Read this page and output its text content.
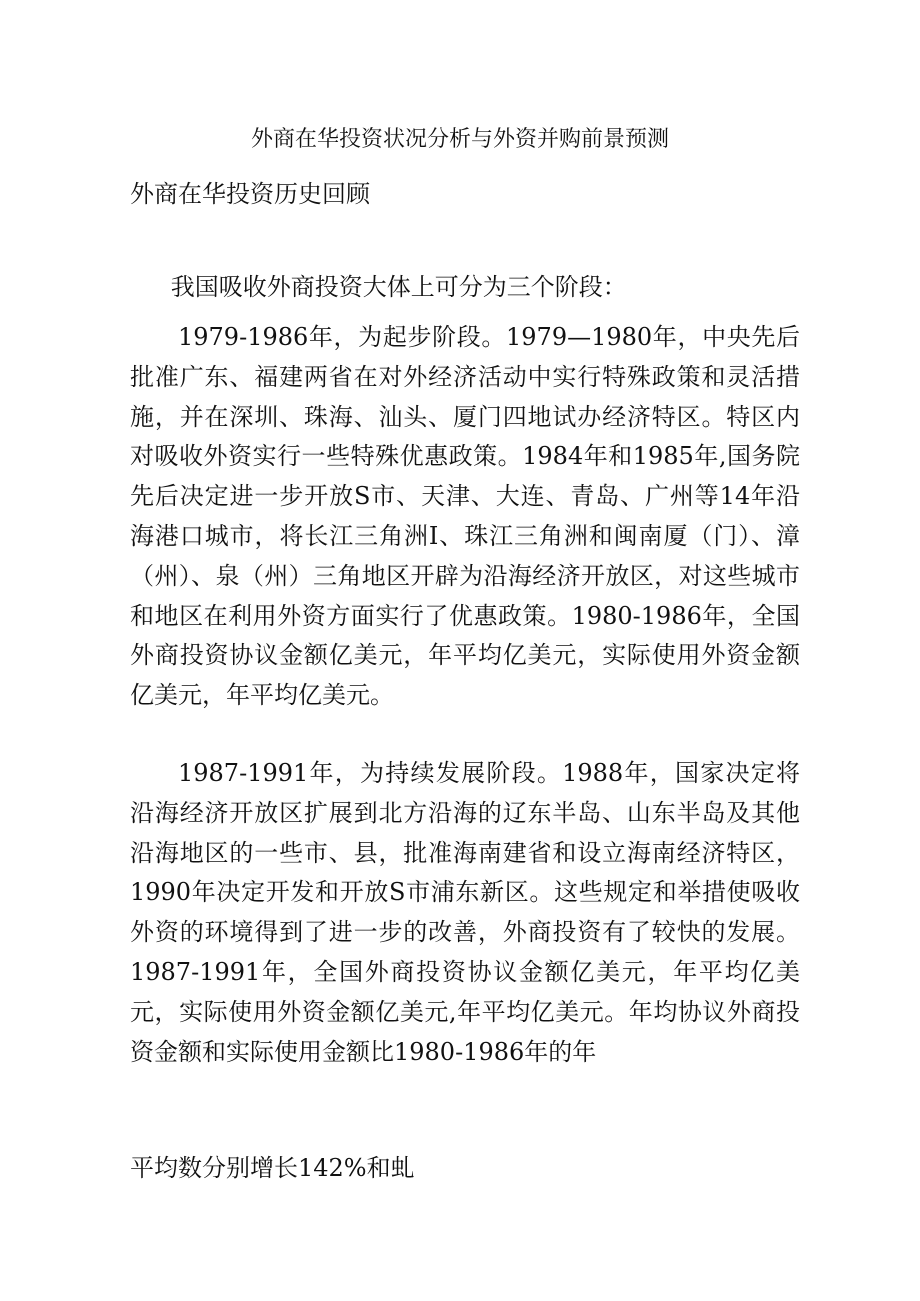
外商在华投资状况分析与外资并购前景预测
外商在华投资历史回顾

我国吸收外商投资大体上可分为三个阶段：

1979-1986年，为起步阶段。1979—1980年，中央先后批准广东、福建两省在对外经济活动中实行特殊政策和灵活措施，并在深圳、珠海、汕头、厦门四地试办经济特区。特区内对吸收外资实行一些特殊优惠政策。1984年和1985年,国务院先后决定进一步开放S市、天津、大连、青岛、广州等14年沿海港口城市，将长江三角洲I、珠江三角洲和闽南厦（门）、漳（州）、泉（州）三角地区开辟为沿海经济开放区，对这些城市和地区在利用外资方面实行了优惠政策。1980-1986年，全国外商投资协议金额亿美元，年平均亿美元，实际使用外资金额亿美元，年平均亿美元。

1987-1991年，为持续发展阶段。1988年，国家决定将沿海经济开放区扩展到北方沿海的辽东半岛、山东半岛及其他沿海地区的一些市、县，批准海南建省和设立海南经济特区，1990年决定开发和开放S市浦东新区。这些规定和举措使吸收外资的环境得到了进一步的改善，外商投资有了较快的发展。1987-1991年，全国外商投资协议金额亿美元，年平均亿美元，实际使用外资金额亿美元,年平均亿美元。年均协议外商投资金额和实际使用金额比1980-1986年的年

平均数分别增长142%和虬
